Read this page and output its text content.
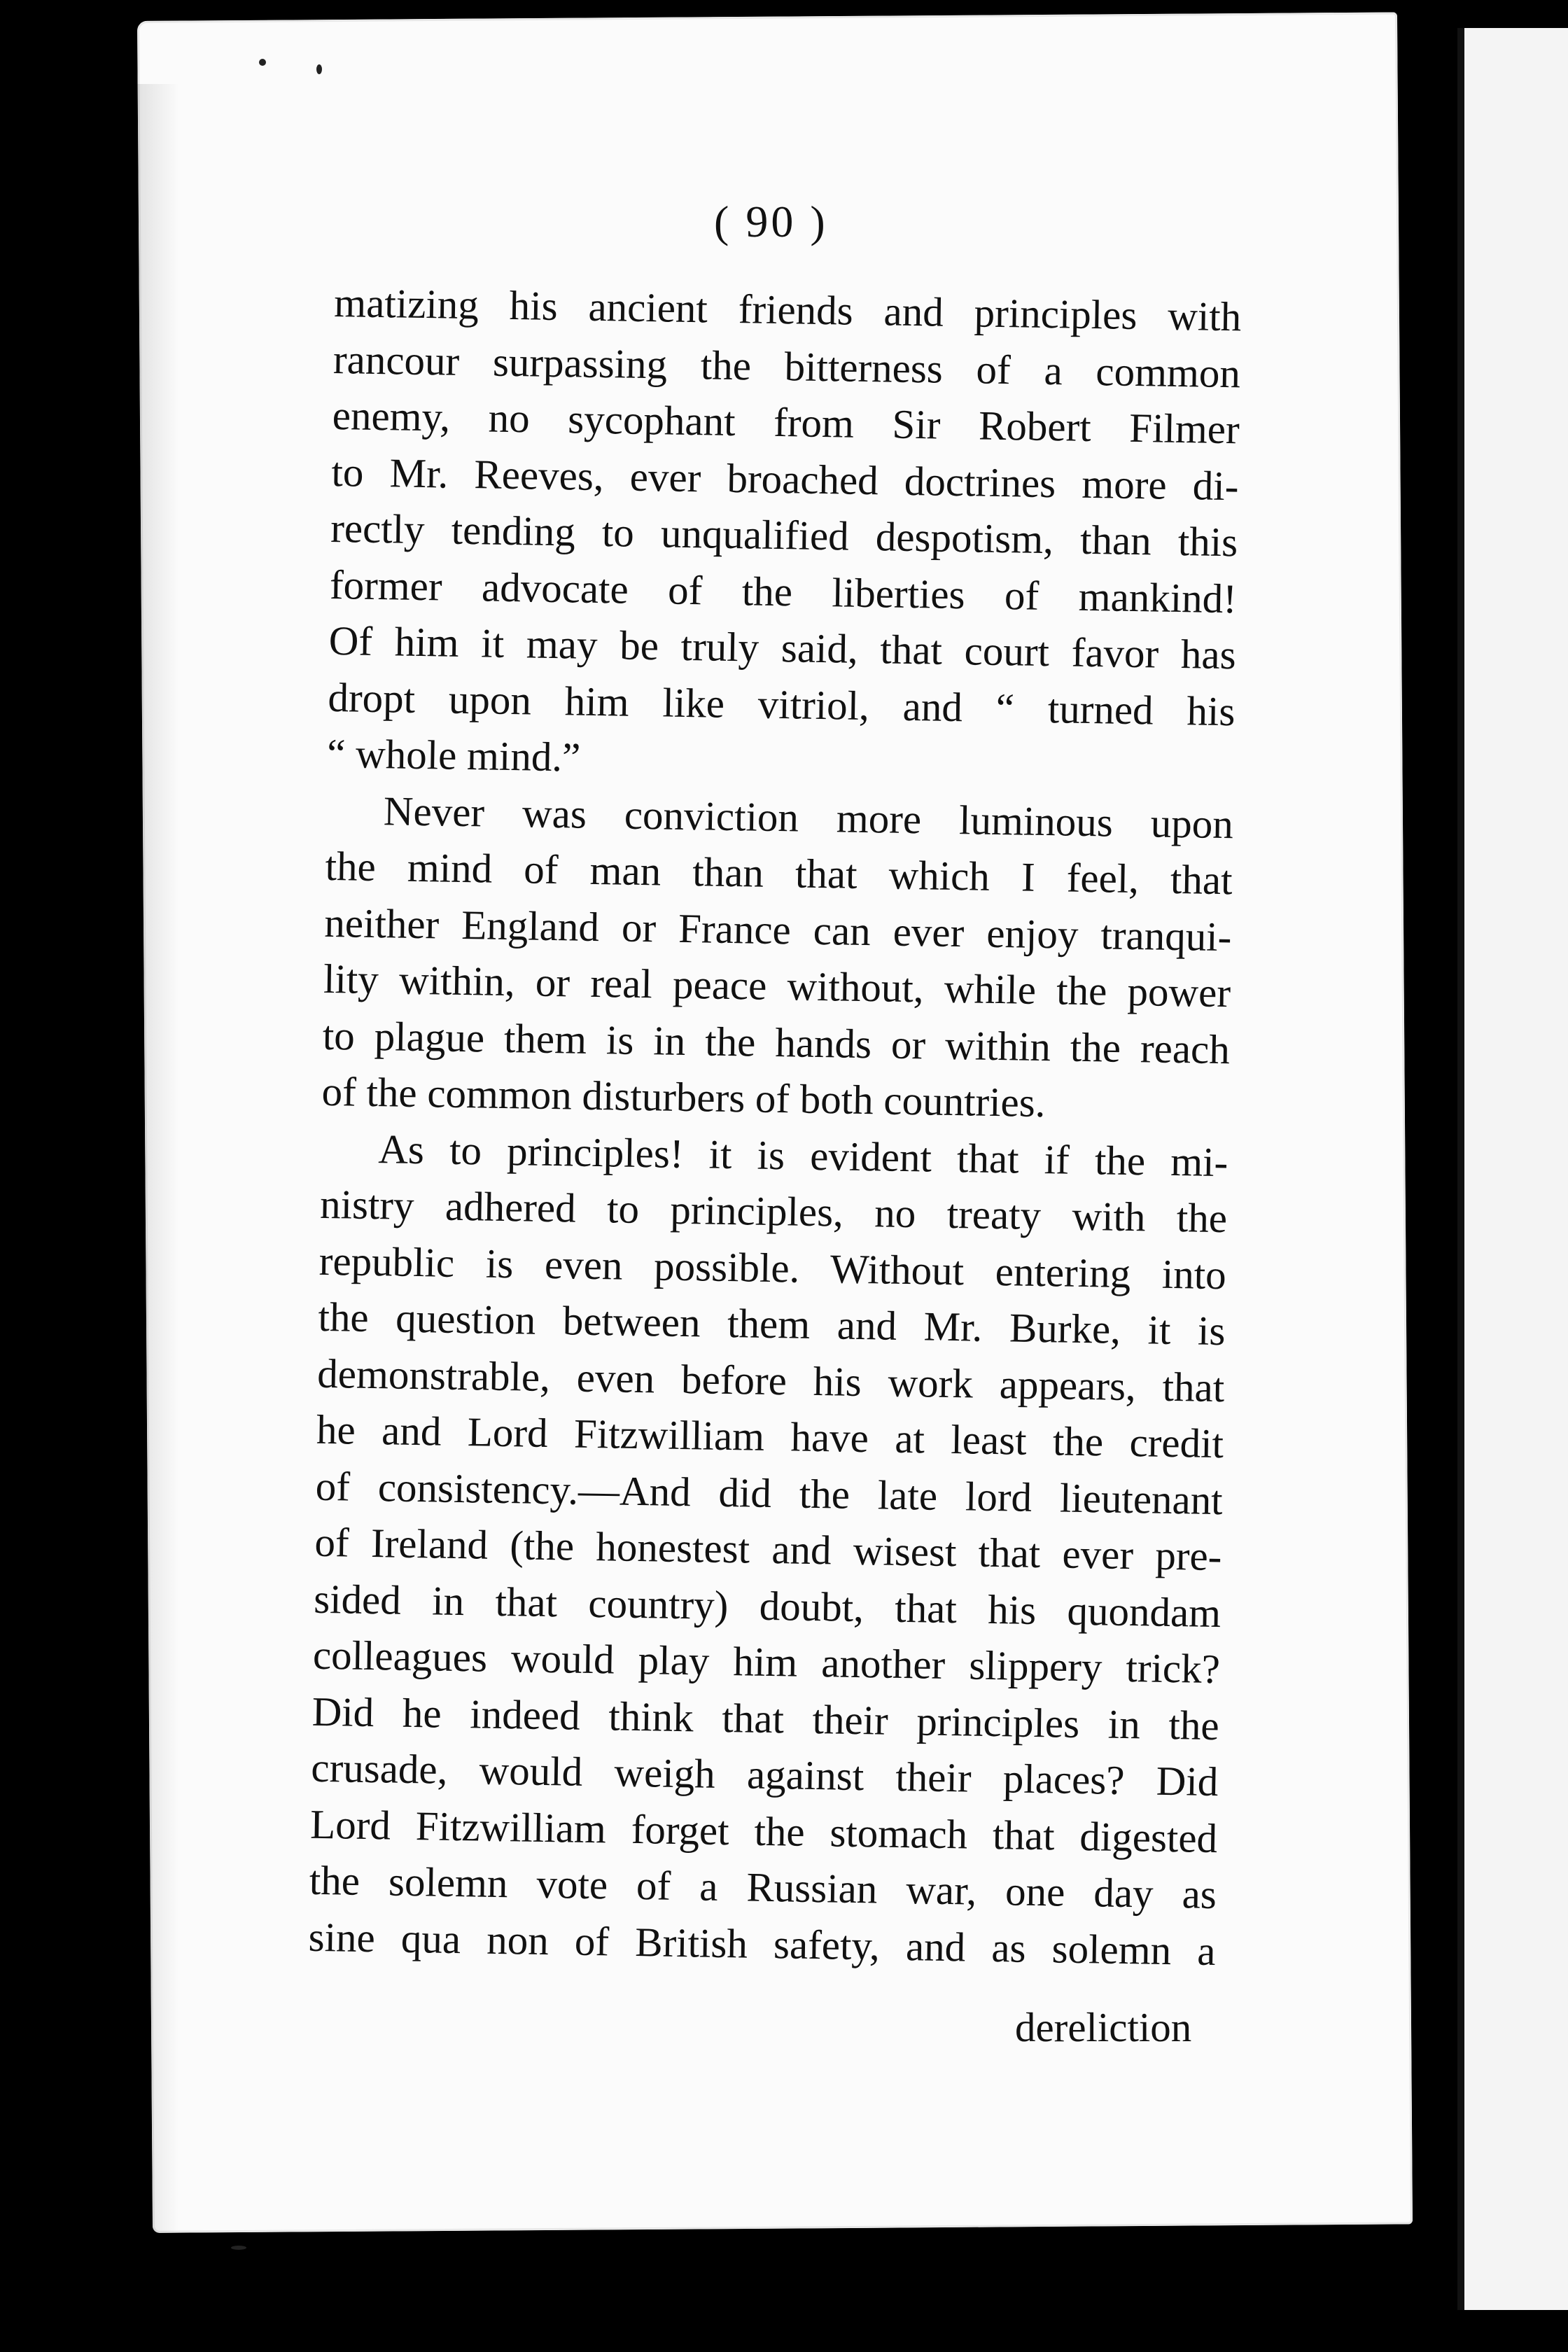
( 90 )
matizing his ancient friends and principles with
rancour surpassing the bitterness of a common
enemy, no sycophant from Sir Robert Filmer
to Mr. Reeves, ever broached doctrines more di-
rectly tending to unqualified despotism, than this
former advocate of the liberties of mankind!
Of him it may be truly said, that court favor has
dropt upon him like vitriol, and “ turned his
“ whole mind.”
Never was conviction more luminous upon
the mind of man than that which I feel, that
neither England or France can ever enjoy tranqui-
lity within, or real peace without, while the power
to plague them is in the hands or within the reach
of the common disturbers of both countries.
As to principles! it is evident that if the mi-
nistry adhered to principles, no treaty with the
republic is even possible. Without entering into
the question between them and Mr. Burke, it is
demonstrable, even before his work appears, that
he and Lord Fitzwilliam have at least the credit
of consistency.—And did the late lord lieutenant
of Ireland (the honestest and wisest that ever pre-
sided in that country) doubt, that his quondam
colleagues would play him another slippery trick?
Did he indeed think that their principles in the
crusade, would weigh against their places? Did
Lord Fitzwilliam forget the stomach that digested
the solemn vote of a Russian war, one day as
sine qua non of British safety, and as solemn a
dereliction
